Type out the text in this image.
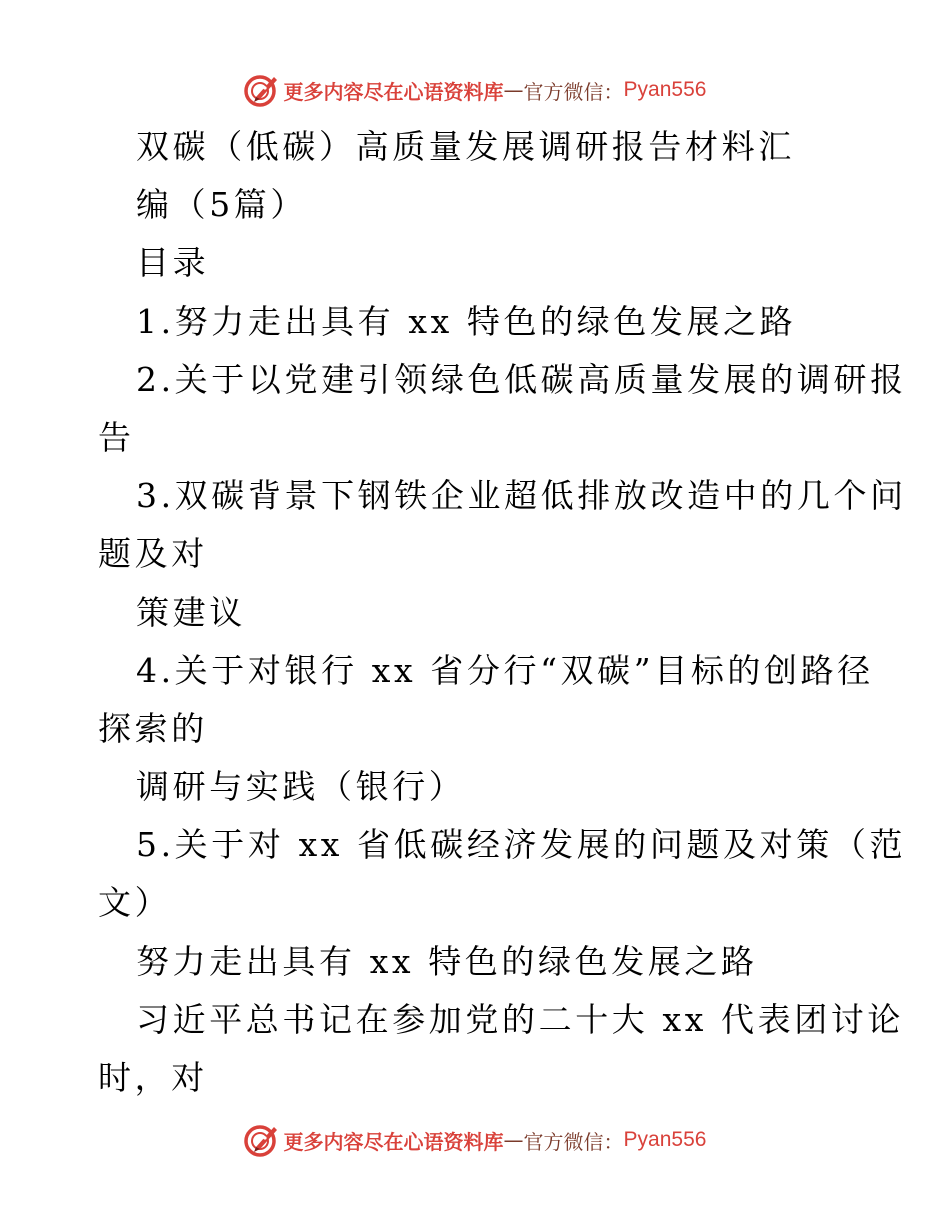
更多内容尽在心语资料库 — 官方微信： Pyan556
双碳（低碳）高质量发展调研报告材料汇
编（5篇）
目录
1.努力走出具有 xx 特色的绿色发展之路
2.关于以党建引领绿色低碳高质量发展的调研报
告
3.双碳背景下钢铁企业超低排放改造中的几个问
题及对
策建议
4.关于对银行 xx 省分行“双碳”目标的创路径
探索的
调研与实践（银行）
5.关于对 xx 省低碳经济发展的问题及对策（范
文）
努力走出具有 xx 特色的绿色发展之路
习近平总书记在参加党的二十大 xx 代表团讨论
时，对
更多内容尽在心语资料库 — 官方微信： Pyan556
